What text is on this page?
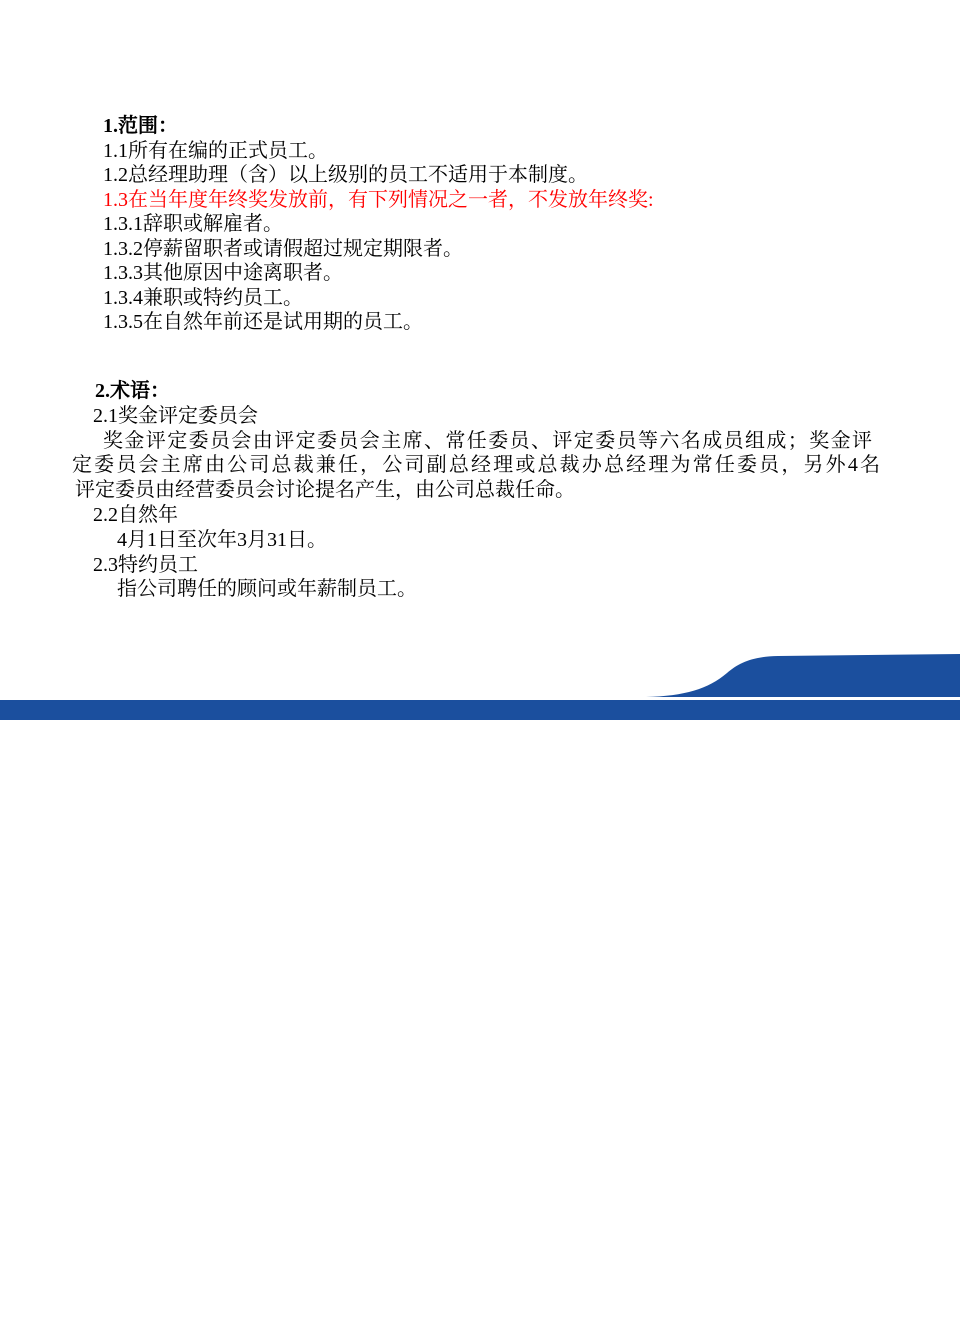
1.范围：
1.1所有在编的正式员工。
1.2总经理助理（含）以上级别的员工不适用于本制度。
1.3在当年度年终奖发放前，有下列情况之一者，不发放年终奖:
1.3.1辞职或解雇者。
1.3.2停薪留职者或请假超过规定期限者。
1.3.3其他原因中途离职者。
1.3.4兼职或特约员工。
1.3.5在自然年前还是试用期的员工。
2.术语：
2.1奖金评定委员会
奖金评定委员会由评定委员会主席、常任委员、评定委员等六名成员组成；奖金评
定委员会主席由公司总裁兼任，公司副总经理或总裁办总经理为常任委员，另外4名
评定委员由经营委员会讨论提名产生，由公司总裁任命。
2.2自然年
4月1日至次年3月31日。
2.3特约员工
指公司聘任的顾问或年薪制员工。
Skyworth 创维
